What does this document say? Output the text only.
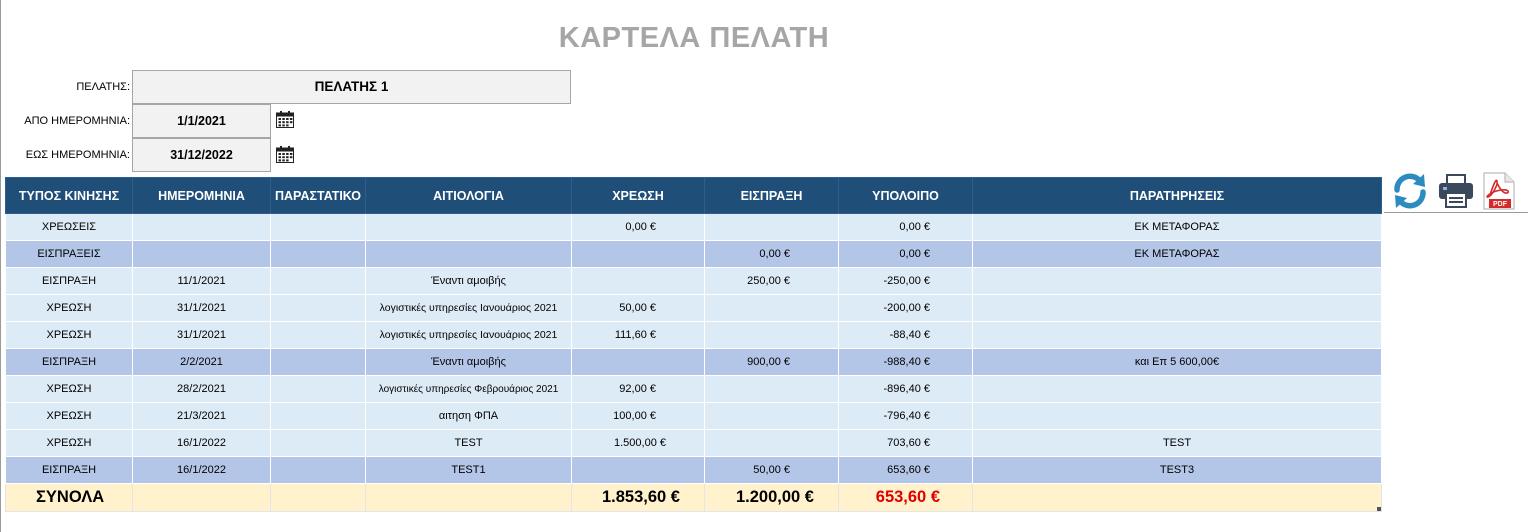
ΚΑΡΤΕΛΑ ΠΕΛΑΤΗ
ΠΕΛΑΤΗΣ:	ΠΕΛΑΤΗΣ 1
ΑΠΟ ΗΜΕΡΟΜΗΝΙΑ:	1/1/2021
ΕΩΣ ΗΜΕΡΟΜΗΝΙΑ:	31/12/2022
ΤΥΠΟΣ ΚΙΝΗΣΗΣ	ΗΜΕΡΟΜΗΝΙΑ	ΠΑΡΑΣΤΑΤΙΚΟ	ΑΙΤΙΟΛΟΓΙΑ	ΧΡΕΩΣΗ	ΕΙΣΠΡΑΞΗ	ΥΠΟΛΟΙΠΟ	ΠΑΡΑΤΗΡΗΣΕΙΣ
ΧΡΕΩΣΕΙΣ				0,00 €		0,00 €	ΕΚ ΜΕΤΑΦΟΡΑΣ
ΕΙΣΠΡΑΞΕΙΣ					0,00 €	0,00 €	ΕΚ ΜΕΤΑΦΟΡΑΣ
ΕΙΣΠΡΑΞΗ	11/1/2021		Έναντι αμοιβής		250,00 €	-250,00 €	
ΧΡΕΩΣΗ	31/1/2021		λογιστικές υπηρεσίες Ιανουάριος 2021	50,00 €		-200,00 €	
ΧΡΕΩΣΗ	31/1/2021		λογιστικές υπηρεσίες Ιανουάριος 2021	111,60 €		-88,40 €	
ΕΙΣΠΡΑΞΗ	2/2/2021		Έναντι αμοιβής		900,00 €	-988,40 €	και Επ 5 600,00€
ΧΡΕΩΣΗ	28/2/2021		λογιστικές υπηρεσίες Φεβρουάριος 2021	92,00 €		-896,40 €	
ΧΡΕΩΣΗ	21/3/2021		αιτηση ΦΠΑ	100,00 €		-796,40 €	
ΧΡΕΩΣΗ	16/1/2022		TEST	1.500,00 €		703,60 €	TEST
ΕΙΣΠΡΑΞΗ	16/1/2022		TEST1		50,00 €	653,60 €	TEST3
ΣΥΝΟΛΑ				1.853,60 €	1.200,00 €	653,60 €	
PDF
